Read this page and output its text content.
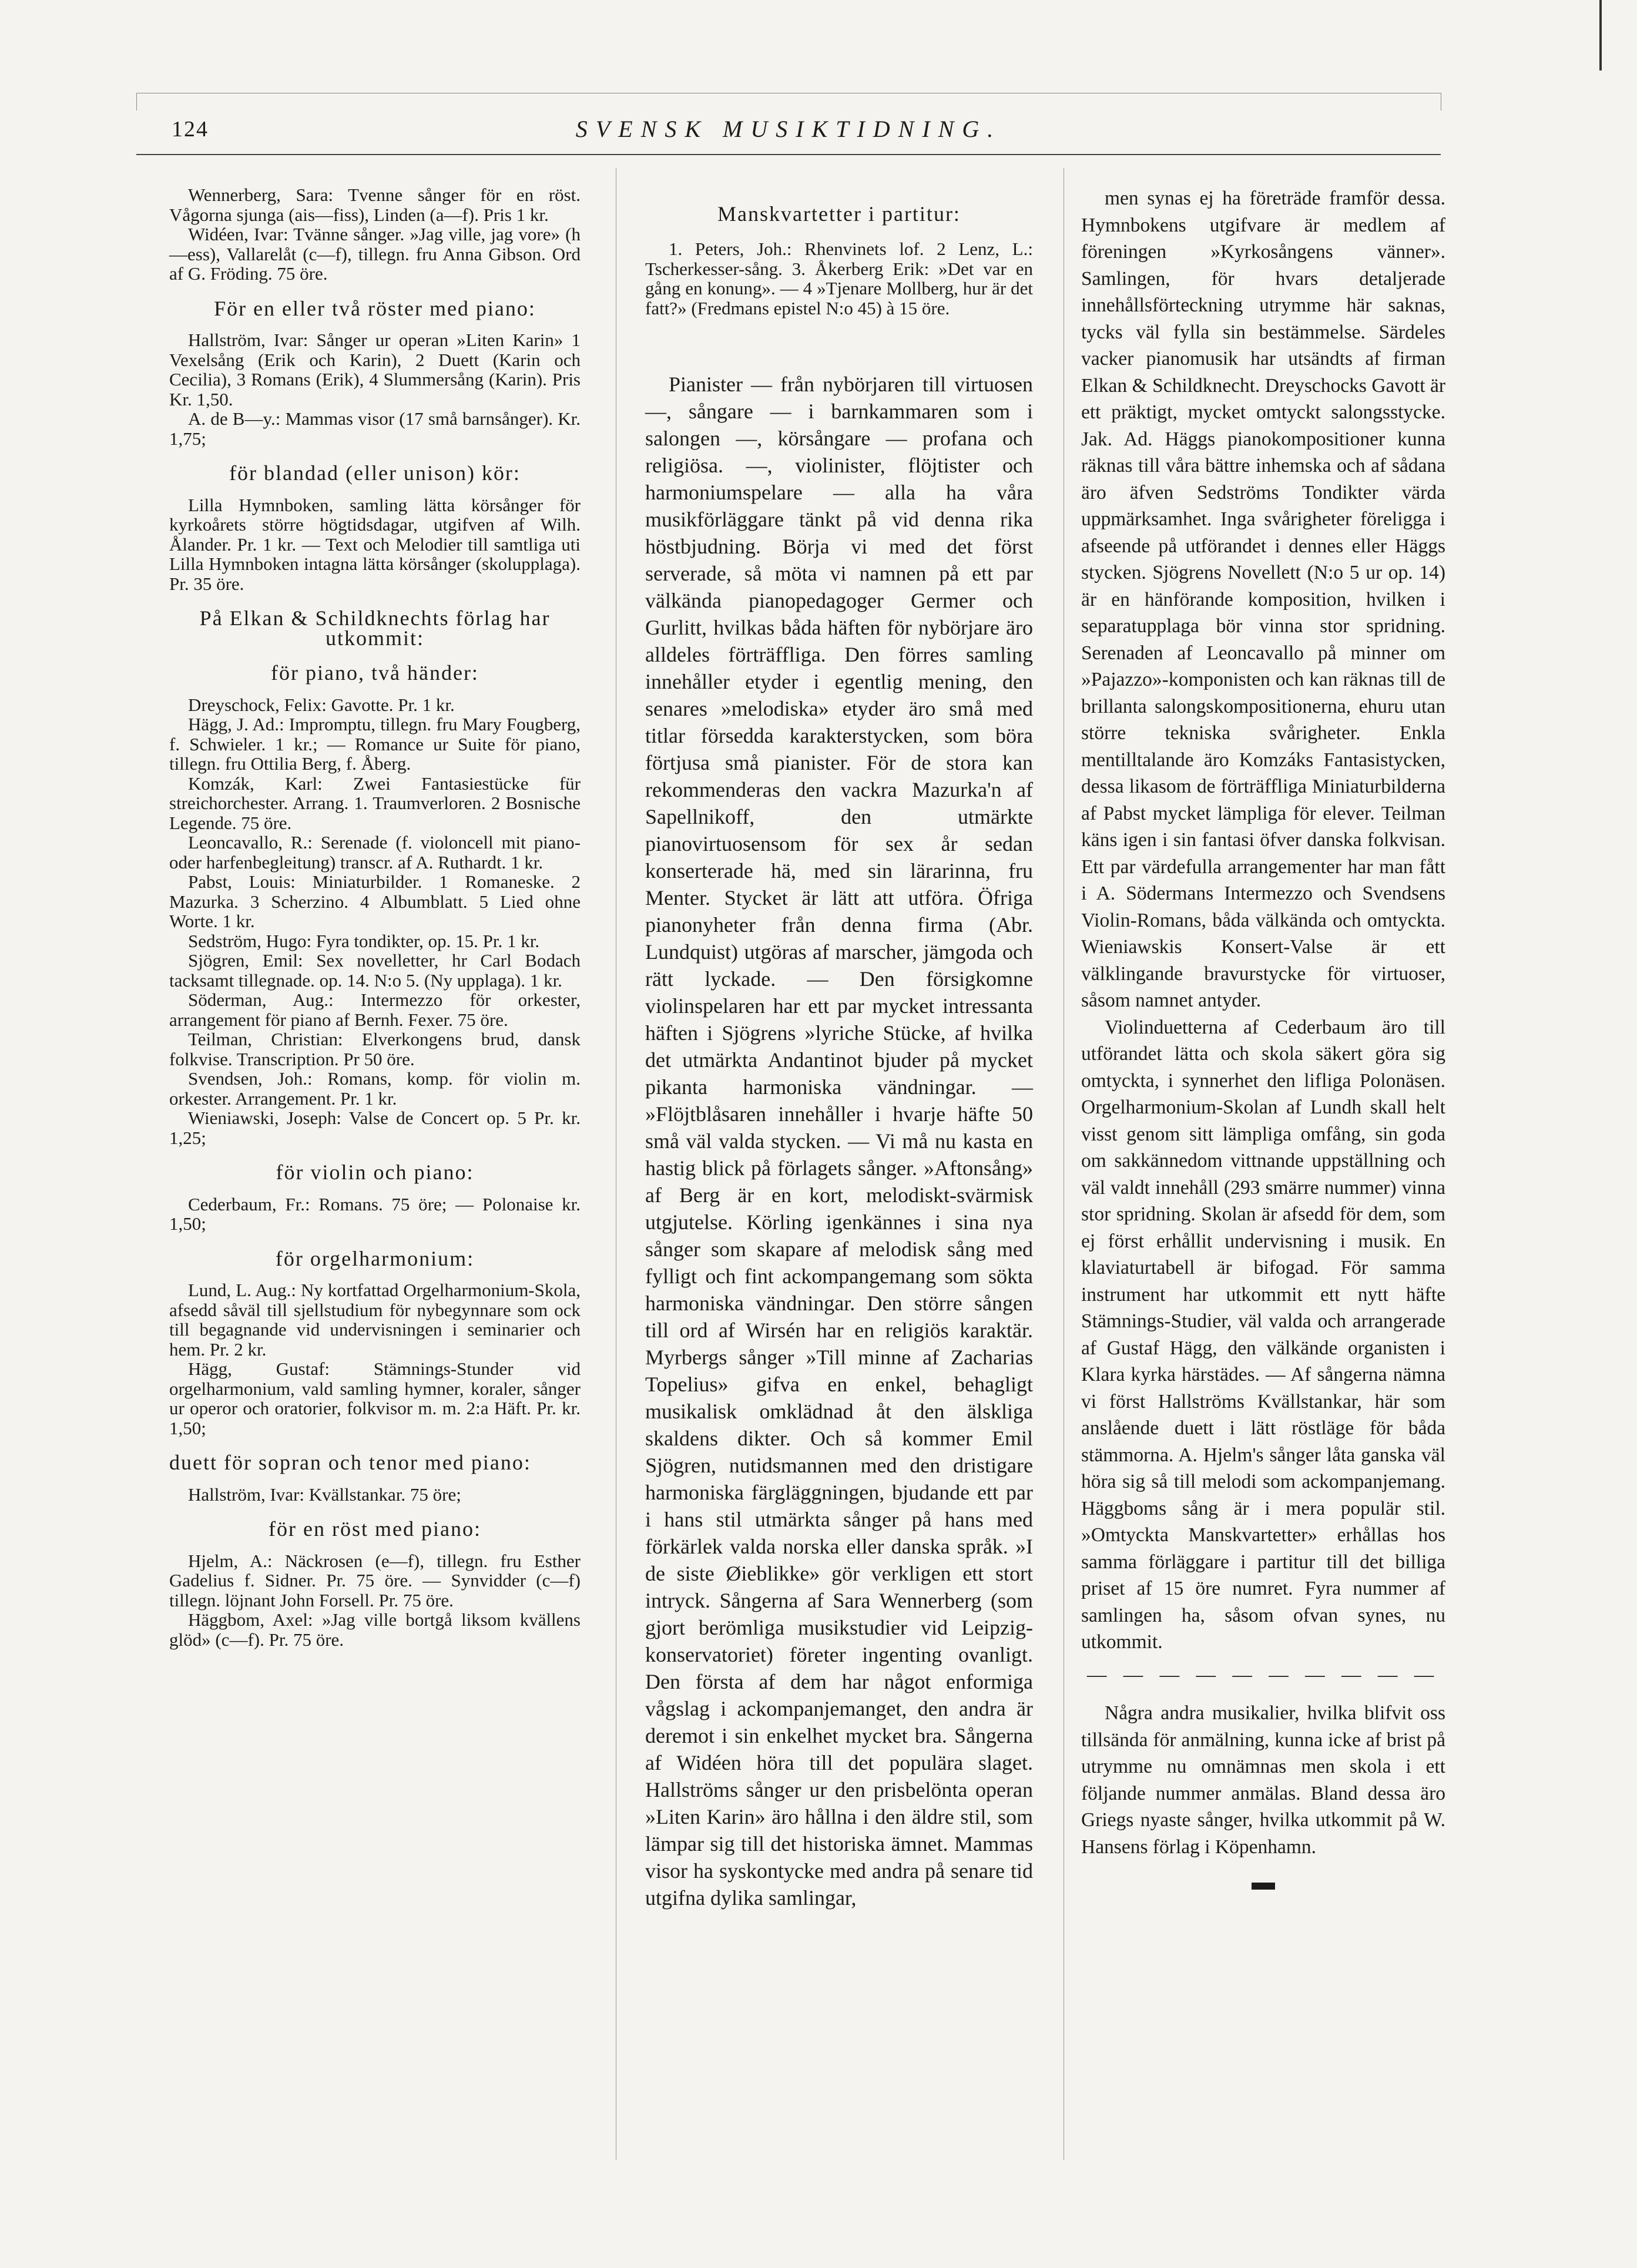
124	SVENSK MUSIKTIDNING.

Wennerberg, Sara: Tvenne sånger för en röst. Vågorna sjunga (ais—fiss), Linden (a—f). Pris 1 kr.

Widéen, Ivar: Tvänne sånger. »Jag ville, jag vore» (h—ess), Vallarelåt (c—f), tillegn. fru Anna Gibson. Ord af G. Fröding. 75 öre.

För en eller två röster med piano:

Hallström, Ivar: Sånger ur operan »Liten Karin» 1 Vexelsång (Erik och Karin), 2 Duett (Karin och Cecilia), 3 Romans (Erik), 4 Slummersång (Karin). Pris Kr. 1,50.

A. de B—y.: Mammas visor (17 små barnsånger). Kr. 1,75;

för blandad (eller unison) kör:

Lilla Hymnboken, samling lätta körsånger för kyrkoårets större högtidsdagar, utgifven af Wilh. Ålander. Pr. 1 kr. — Text och Melodier till samtliga uti Lilla Hymnboken intagna lätta körsånger (skolupplaga). Pr. 35 öre.

På Elkan & Schildknechts förlag har utkommit:
för piano, två händer:

Dreyschock, Felix: Gavotte. Pr. 1 kr.

Hägg, J. Ad.: Impromptu, tillegn. fru Mary Fougberg, f. Schwieler. 1 kr.; — Romance ur Suite för piano, tillegn. fru Ottilia Berg, f. Åberg.

Komzák, Karl: Zwei Fantasiestücke für streichorchester. Arrang. 1. Traumverloren. 2 Bosnische Legende. 75 öre.

Leoncavallo, R.: Serenade (f. violoncell mit piano-oder harfenbegleitung) transcr. af A. Ruthardt. 1 kr.

Pabst, Louis: Miniaturbilder. 1 Romaneske. 2 Mazurka. 3 Scherzino. 4 Albumblatt. 5 Lied ohne Worte. 1 kr.

Sedström, Hugo: Fyra tondikter, op. 15. Pr. 1 kr.

Sjögren, Emil: Sex novelletter, hr Carl Bodach tacksamt tillegnade. op. 14. N:o 5. (Ny upplaga). 1 kr.

Söderman, Aug.: Intermezzo för orkester, arrangement för piano af Bernh. Fexer. 75 öre.

Teilman, Christian: Elverkongens brud, dansk folkvise. Transcription. Pr 50 öre.

Svendsen, Joh.: Romans, komp. för violin m. orkester. Arrangement. Pr. 1 kr.

Wieniawski, Joseph: Valse de Concert op. 5 Pr. kr. 1,25;

för violin och piano:

Cederbaum, Fr.: Romans. 75 öre; — Polonaise kr. 1,50;

för orgelharmonium:

Lund, L. Aug.: Ny kortfattad Orgelharmonium-Skola, afsedd såväl till sjellstudium för nybegynnare som ock till begagnande vid undervisningen i seminarier och hem. Pr. 2 kr.

Hägg, Gustaf: Stämnings-Stunder vid orgelharmonium, vald samling hymner, koraler, sånger ur operor och oratorier, folkvisor m. m. 2:a Häft. Pr. kr. 1,50;

duett för sopran och tenor med piano:

Hallström, Ivar: Kvällstankar. 75 öre;

för en röst med piano:

Hjelm, A.: Näckrosen (e—f), tillegn. fru Esther Gadelius f. Sidner. Pr. 75 öre. — Synvidder (c—f) tillegn. löjnant John Forsell. Pr. 75 öre.

Häggbom, Axel: »Jag ville bortgå liksom kvällens glöd» (c—f). Pr. 75 öre.

Manskvartetter i partitur:

1. Peters, Joh.: Rhenvinets lof. 2 Lenz, L.: Tscherkesser-sång. 3. Åkerberg Erik: »Det var en gång en konung». — 4 »Tjenare Mollberg, hur är det fatt?» (Fredmans epistel N:o 45) à 15 öre.

Pianister — från nybörjaren till virtuosen —, sångare — i barnkammaren som i salongen —, körsångare — profana och religiösa. —, violinister, flöjtister och harmoniumspelare — alla ha våra musikförläggare tänkt på vid denna rika höstbjudning. Börja vi med det först serverade, så möta vi namnen på ett par välkända pianopedagoger Germer och Gurlitt, hvilkas båda häften för nybörjare äro alldeles förträffliga. Den förres samling innehåller etyder i egentlig mening, den senares »melodiska» etyder äro små med titlar försedda karakterstycken, som böra förtjusa små pianister. För de stora kan rekommenderas den vackra Mazurka'n af Sapellnikoff, den utmärkte pianovirtuosensom för sex år sedan konserterade hä, med sin lärarinna, fru Menter. Stycket är lätt att utföra. Öfriga pianonyheter från denna firma (Abr. Lundquist) utgöras af marscher, jämgoda och rätt lyckade. — Den försigkomne violinspelaren har ett par mycket intressanta häften i Sjögrens »lyriche Stücke, af hvilka det utmärkta Andantinot bjuder på mycket pikanta harmoniska vändningar. — »Flöjtblåsaren innehåller i hvarje häfte 50 små väl valda stycken. — Vi må nu kasta en hastig blick på förlagets sånger. »Aftonsång» af Berg är en kort, melodiskt-svärmisk utgjutelse. Körling igenkännes i sina nya sånger som skapare af melodisk sång med fylligt och fint ackompangemang som sökta harmoniska vändningar. Den större sången till ord af Wirsén har en religiös karaktär. Myrbergs sånger »Till minne af Zacharias Topelius» gifva en enkel, behagligt musikalisk omklädnad åt den älskliga skaldens dikter. Och så kommer Emil Sjögren, nutidsmannen med den dristigare harmoniska färgläggningen, bjudande ett par i hans stil utmärkta sånger på hans med förkärlek valda norska eller danska språk. »I de siste Øieblikke» gör verkligen ett stort intryck. Sångerna af Sara Wennerberg (som gjort berömliga musikstudier vid Leipzig-konservatoriet) företer ingenting ovanligt. Den första af dem har något enformiga vågslag i ackompanjemanget, den andra är deremot i sin enkelhet mycket bra. Sångerna af Widéen höra till det populära slaget. Hallströms sånger ur den prisbelönta operan »Liten Karin» äro hållna i den äldre stil, som lämpar sig till det historiska ämnet. Mammas visor ha syskontycke med andra på senare tid utgifna dylika samlingar,

men synas ej ha företräde framför dessa. Hymnbokens utgifvare är medlem af föreningen »Kyrkosångens vänner». Samlingen, för hvars detaljerade innehållsförteckning utrymme här saknas, tycks väl fylla sin bestämmelse. Särdeles vacker pianomusik har utsändts af firman Elkan & Schildknecht. Dreyschocks Gavott är ett präktigt, mycket omtyckt salongsstycke. Jak. Ad. Häggs pianokompositioner kunna räknas till våra bättre inhemska och af sådana äro äfven Sedströms Tondikter värda uppmärksamhet. Inga svårigheter föreligga i afseende på utförandet i dennes eller Häggs stycken. Sjögrens Novellett (N:o 5 ur op. 14) är en hänförande komposition, hvilken i separatupplaga bör vinna stor spridning. Serenaden af Leoncavallo på minner om »Pajazzo»-komponisten och kan räknas till de brillanta salongskompositionerna, ehuru utan större tekniska svårigheter. Enkla mentilltalande äro Komzáks Fantasistycken, dessa likasom de förträffliga Miniaturbilderna af Pabst mycket lämpliga för elever. Teilman käns igen i sin fantasi öfver danska folkvisan. Ett par värdefulla arrangementer har man fått i A. Södermans Intermezzo och Svendsens Violin-Romans, båda välkända och omtyckta. Wieniawskis Konsert-Valse är ett välklingande bravurstycke för virtuoser, såsom namnet antyder.

Violinduetterna af Cederbaum äro till utförandet lätta och skola säkert göra sig omtyckta, i synnerhet den lifliga Polonäsen. Orgelharmonium-Skolan af Lundh skall helt visst genom sitt lämpliga omfång, sin goda om sakkännedom vittnande uppställning och väl valdt innehåll (293 smärre nummer) vinna stor spridning. Skolan är afsedd för dem, som ej först erhållit undervisning i musik. En klaviaturtabell är bifogad. För samma instrument har utkommit ett nytt häfte Stämnings-Studier, väl valda och arrangerade af Gustaf Hägg, den välkände organisten i Klara kyrka härstädes. — Af sångerna nämna vi först Hallströms Kvällstankar, här som anslående duett i lätt röstläge för båda stämmorna. A. Hjelm's sånger låta ganska väl höra sig så till melodi som ackompanjemang. Häggboms sång är i mera populär stil. »Omtyckta Manskvartetter» erhållas hos samma förläggare i partitur till det billiga priset af 15 öre numret. Fyra nummer af samlingen ha, såsom ofvan synes, nu utkommit.

— — — — — — — — — —

Några andra musikalier, hvilka blifvit oss tillsända för anmälning, kunna icke af brist på utrymme nu omnämnas men skola i ett följande nummer anmälas. Bland dessa äro Griegs nyaste sånger, hvilka utkommit på W. Hansens förlag i Köpenhamn.

▬
